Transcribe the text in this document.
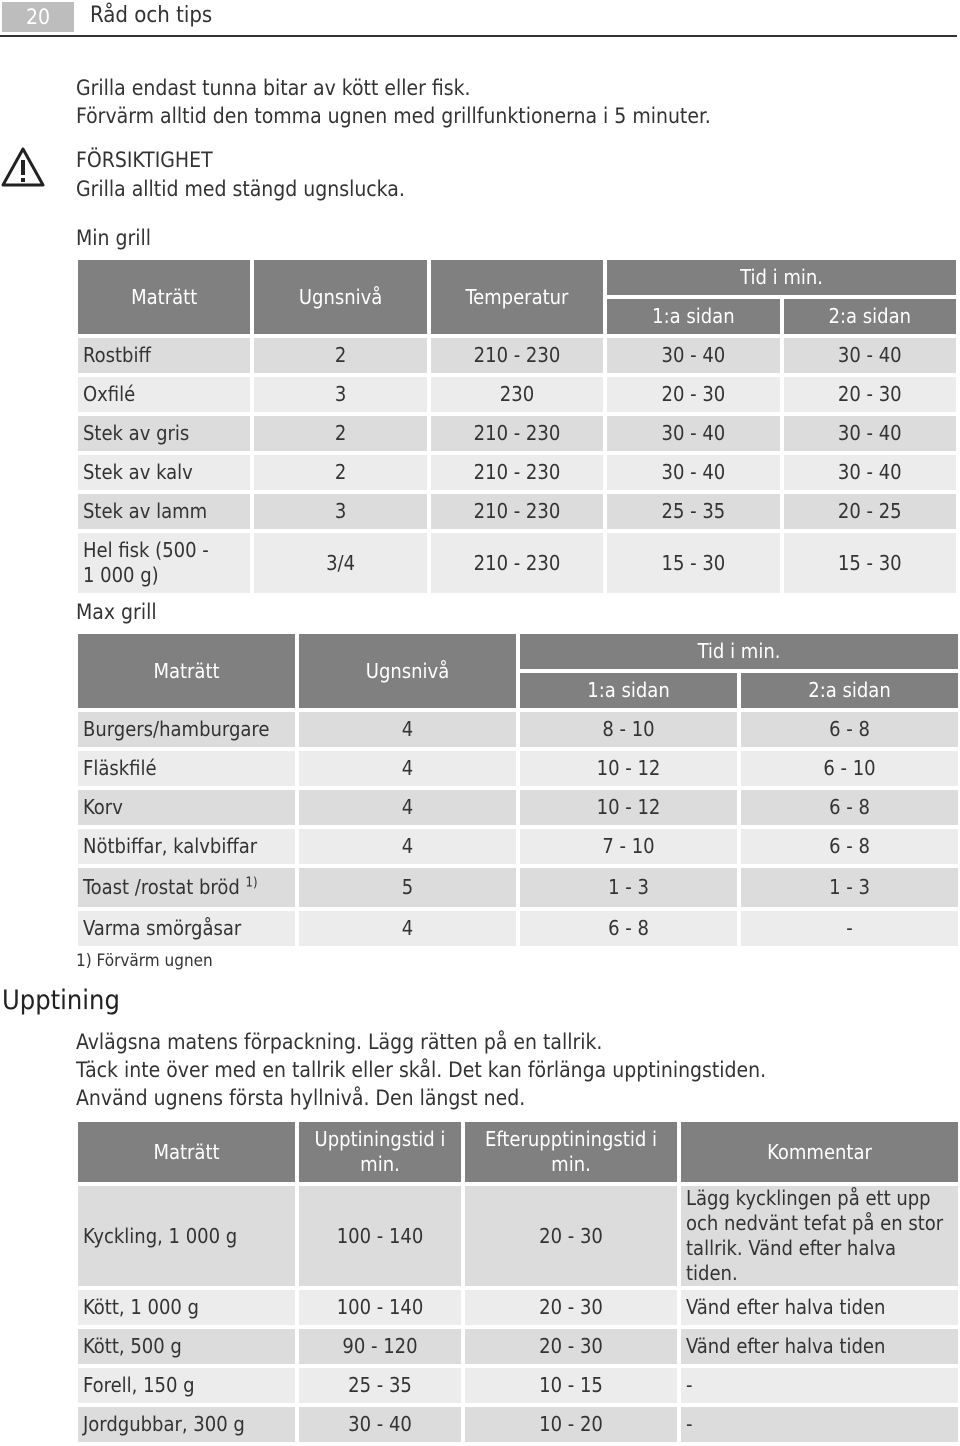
20	Råd och tips
Grilla endast tunna bitar av kött eller fisk.
Förvärm alltid den tomma ugnen med grillfunktionerna i 5 minuter.
FÖRSIKTIGHET
Grilla alltid med stängd ugnslucka.
Min grill
Maträtt	Ugnsnivå	Temperatur	Tid i min.	
			1:a sidan	2:a sidan
Rostbiff	2	210 - 230	30 - 40	30 - 40
Oxfilé	3	230	20 - 30	20 - 30
Stek av gris	2	210 - 230	30 - 40	30 - 40
Stek av kalv	2	210 - 230	30 - 40	30 - 40
Stek av lamm	3	210 - 230	25 - 35	20 - 25
Hel fisk (500 -
1 000 g)	3/4	210 - 230	15 - 30	15 - 30
Max grill
Maträtt	Ugnsnivå	Tid i min.	
		1:a sidan	2:a sidan
Burgers/hamburgare	4	8 - 10	6 - 8
Fläskfilé	4	10 - 12	6 - 10
Korv	4	10 - 12	6 - 8
Nötbiffar, kalvbiffar	4	7 - 10	6 - 8
Toast /rostat bröd $^{1)}$	5	1 - 3	1 - 3
Varma smörgåsar	4	6 - 8	-
1) Förvärm ugnen
Upptining
Avlägsna matens förpackning. Lägg rätten på en tallrik.
Täck inte över med en tallrik eller skål. Det kan förlänga upptiningstiden.
Använd ugnens första hyllnivå. Den längst ned.
Maträtt	Upptiningstid i min.	Efterupptiningstid i min.	Kommentar
Kyckling, 1 000 g	100 - 140	20 - 30	Lägg kycklingen på ett upp och nedvänt tefat på en stor tallrik. Vänd efter halva tiden.
Kött, 1 000 g	100 - 140	20 - 30	Vänd efter halva tiden
Kött, 500 g	90 - 120	20 - 30	Vänd efter halva tiden
Forell, 150 g	25 - 35	10 - 15	-
Jordgubbar, 300 g	30 - 40	10 - 20	-
